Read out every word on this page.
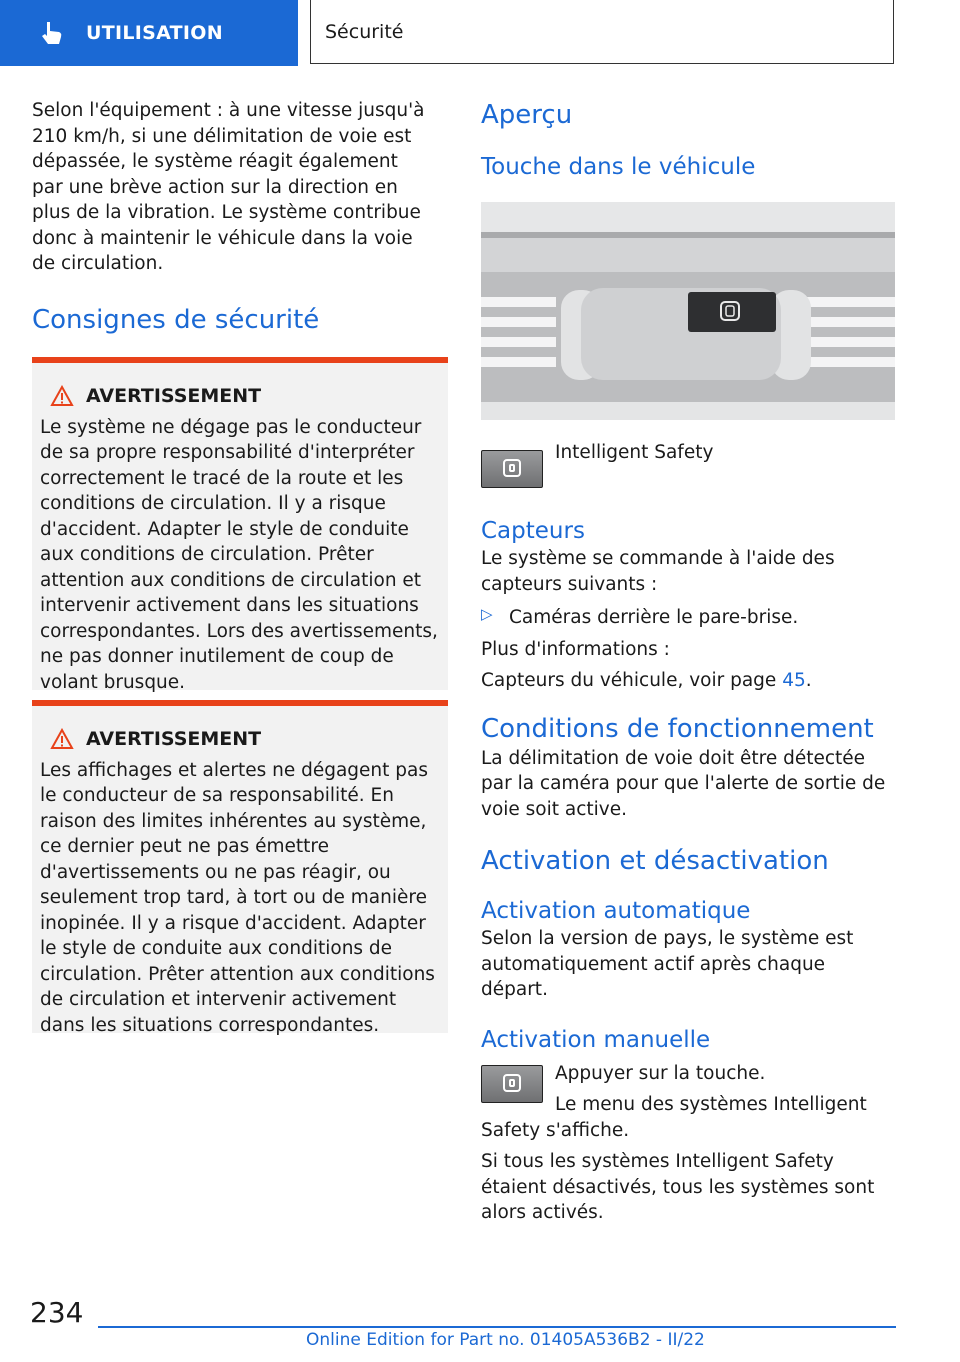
UTILISATION	Sécurité

Selon l'équipement : à une vitesse jusqu'à 210 km/h, si une délimitation de voie est dépassée, le système réagit également par une brève action sur la direction en plus de la vibration. Le système contribue donc à maintenir le véhicule dans la voie de circulation.

Consignes de sécurité
AVERTISSEMENT

Le système ne dégage pas le conducteur de sa propre responsabilité d'interpréter correctement le tracé de la route et les conditions de circulation. Il y a risque d'accident. Adapter le style de conduite aux conditions de circulation. Prêter attention aux conditions de circulation et intervenir activement dans les situations correspondantes. Lors des avertissements, ne pas donner inutilement de coup de volant brusque.

AVERTISSEMENT

Les affichages et alertes ne dégagent pas le conducteur de sa responsabilité. En raison des limites inhérentes au système, ce dernier peut ne pas émettre d'avertissements ou ne pas réagir, ou seulement trop tard, à tort ou de manière inopinée. Il y a risque d'accident. Adapter le style de conduite aux conditions de circulation. Prêter attention aux conditions de circulation et intervenir activement dans les situations correspondantes.

Aperçu
Touche dans le véhicule

Intelligent Safety

Capteurs

Le système se commande à l'aide des capteurs suivants :

▷ Caméras derrière le pare-brise.

Plus d'informations :

Capteurs du véhicule, voir page 45.

Conditions de fonctionnement

La délimitation de voie doit être détectée par la caméra pour que l'alerte de sortie de voie soit active.

Activation et désactivation
Activation automatique

Selon la version de pays, le système est automatiquement actif après chaque départ.

Activation manuelle

Appuyer sur la touche.

Le menu des systèmes Intelligent Safety s'affiche.

Si tous les systèmes Intelligent Safety étaient désactivés, tous les systèmes sont alors activés.

234
Online Edition for Part no. 01405A536B2 - II/22
